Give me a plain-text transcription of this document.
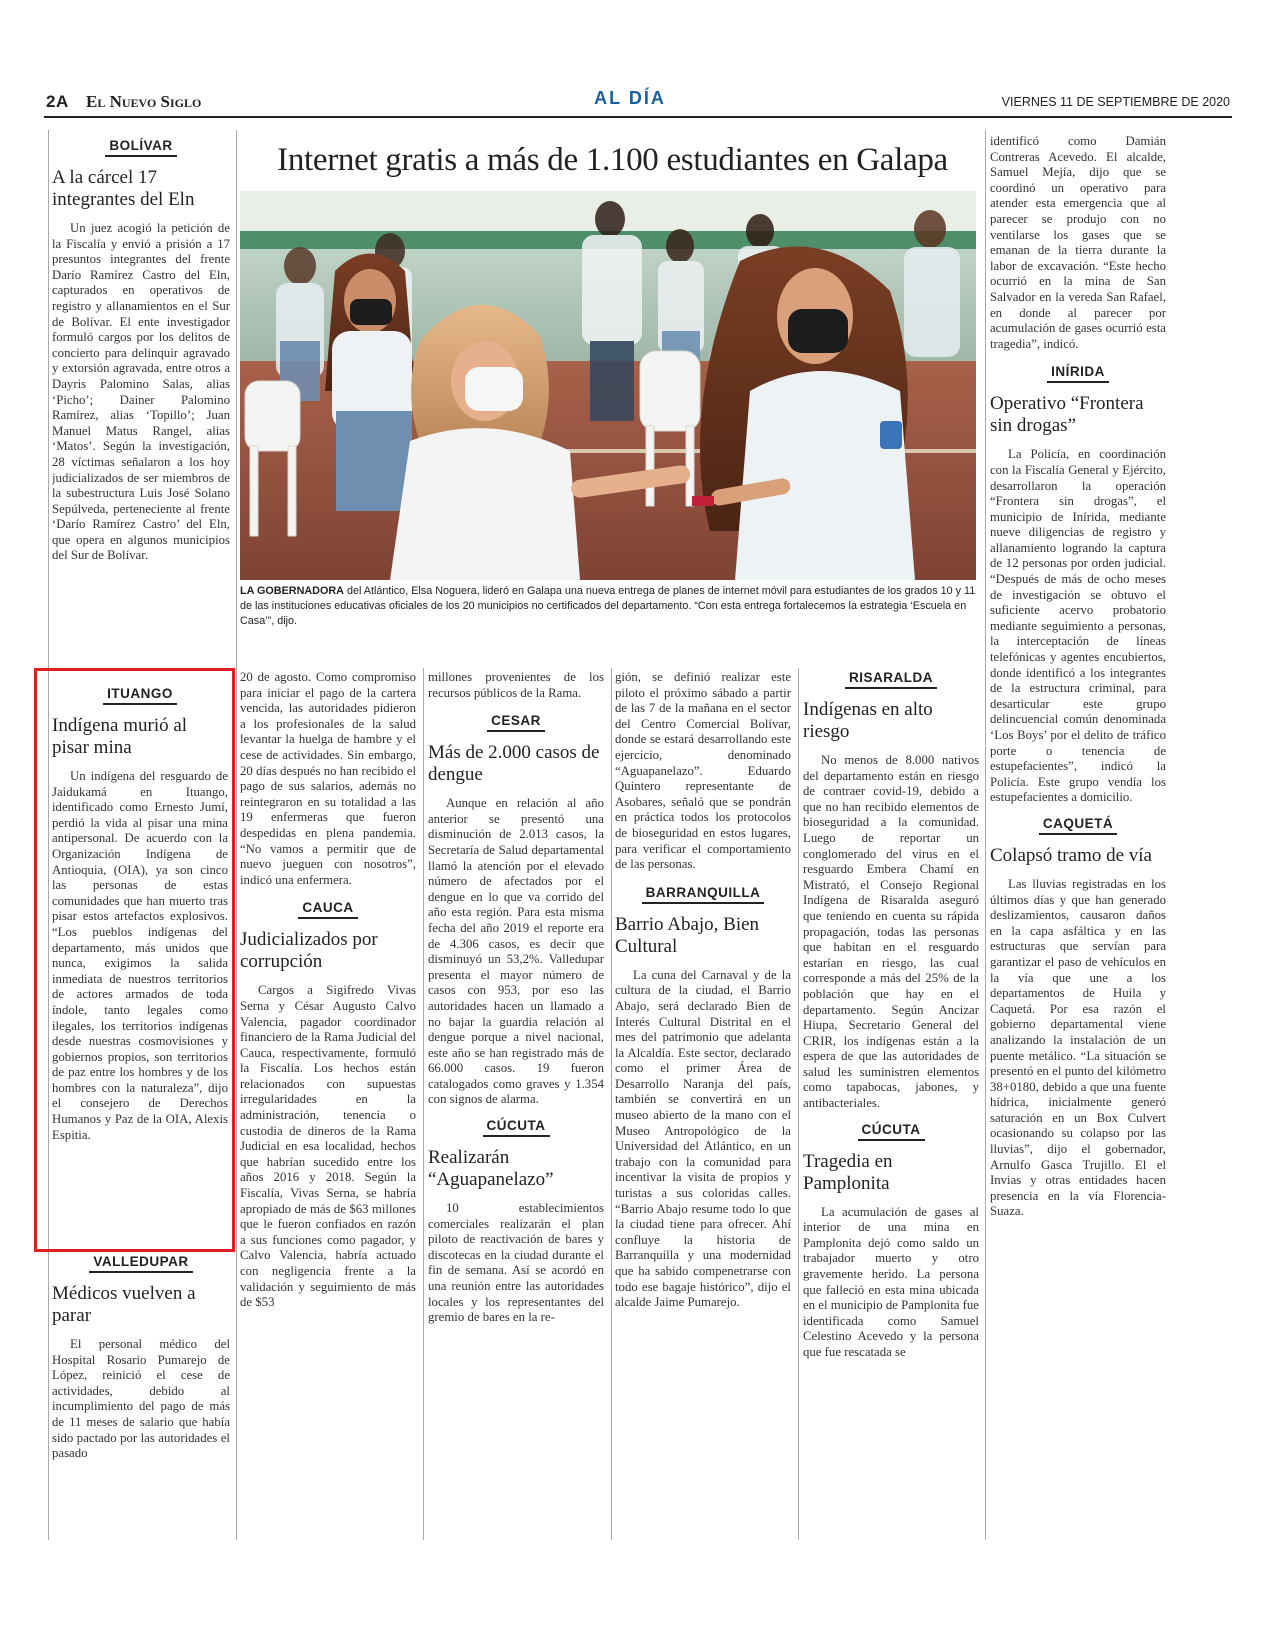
2A El Nuevo Siglo	AL DÍA	VIERNES 11 DE SEPTIEMBRE DE 2020
Internet gratis a más de 1.100 estudiantes en Galapa
LA GOBERNADORA del Atlántico, Elsa Noguera, lideró en Galapa una nueva entrega de planes de internet móvil para estudiantes de los grados 10 y 11 de las instituciones educativas oficiales de los 20 municipios no certificados del departamento. “Con esta entrega fortalecemos la estrategia ‘Escuela en Casa’”, dijo.
BOLÍVAR
A la cárcel 17 integrantes del Eln

Un juez acogió la petición de la Fiscalía y envió a prisión a 17 presuntos integrantes del frente Darío Ramírez Castro del Eln, capturados en operativos de registro y allanamientos en el Sur de Bolívar. El ente investigador formuló cargos por los delitos de concierto para delinquir agravado y extorsión agravada, entre otros a Dayris Palomino Salas, alias ‘Picho’; Dainer Palomino Ramírez, alias ‘Topillo’; Juan Manuel Matus Rangel, alias ‘Matos’. Según la investigación, 28 víctimas señalaron a los hoy judicializados de ser miembros de la subestructura Luis José Solano Sepúlveda, perteneciente al frente ‘Darío Ramírez Castro’ del Eln, que opera en algunos municipios del Sur de Bolívar.

ITUANGO
Indígena murió al pisar mina

Un indígena del resguardo de Jaidukamá en Ituango, identificado como Ernesto Jumí, perdió la vida al pisar una mina antipersonal. De acuerdo con la Organización Indígena de Antioquia, (OIA), ya son cinco las personas de estas comunidades que han muerto tras pisar estos artefactos explosivos. “Los pueblos indígenas del departamento, más unidos que nunca, exigimos la salida inmediata de nuestros territorios de actores armados de toda índole, tanto legales como ilegales, los territorios indígenas desde nuestras cosmovisiones y gobiernos propios, son territorios de paz entre los hombres y de los hombres con la naturaleza”, dijo el consejero de Derechos Humanos y Paz de la OIA, Alexis Espitia.

VALLEDUPAR
Médicos vuelven a parar

El personal médico del Hospital Rosario Pumarejo de López, reinició el cese de actividades, debido al incumplimiento del pago de más de 11 meses de salario que había sido pactado por las autoridades el pasado

20 de agosto. Como compromiso para iniciar el pago de la cartera vencida, las autoridades pidieron a los profesionales de la salud levantar la huelga de hambre y el cese de actividades. Sin embargo, 20 días después no han recibido el pago de sus salarios, además no reintegraron en su totalidad a las 19 enfermeras que fueron despedidas en plena pandemia. “No vamos a permitir que de nuevo jueguen con nosotros”, indicó una enfermera.

CAUCA
Judicializados por corrupción

Cargos a Sigifredo Vivas Serna y César Augusto Calvo Valencia, pagador coordinador financiero de la Rama Judicial del Cauca, respectivamente, formuló la Fiscalía. Los hechos están relacionados con supuestas irregularidades en la administración, tenencia o custodia de dineros de la Rama Judicial en esa localidad, hechos que habrían sucedido entre los años 2016 y 2018. Según la Fiscalía, Vivas Serna, se habría apropiado de más de $63 millones que le fueron confiados en razón a sus funciones como pagador, y Calvo Valencia, habría actuado con negligencia frente a la validación y seguimiento de más de $53

millones provenientes de los recursos públicos de la Rama.

CESAR
Más de 2.000 casos de dengue

Aunque en relación al año anterior se presentó una disminución de 2.013 casos, la Secretaría de Salud departamental llamó la atención por el elevado número de afectados por el dengue en lo que va corrido del año esta región. Para esta misma fecha del año 2019 el reporte era de 4.306 casos, es decir que disminuyó un 53,2%. Valledupar presenta el mayor número de casos con 953, por eso las autoridades hacen un llamado a no bajar la guardia relación al dengue porque a nivel nacional, este año se han registrado más de 66.000 casos. 19 fueron catalogados como graves y 1.354 con signos de alarma.

CÚCUTA
Realizarán “Aguapanelazo”

10 establecimientos comerciales realizarán el plan piloto de reactivación de bares y discotecas en la ciudad durante el fin de semana. Así se acordó en una reunión entre las autoridades locales y los representantes del gremio de bares en la re-

gión, se definió realizar este piloto el próximo sábado a partir de las 7 de la mañana en el sector del Centro Comercial Bolívar, donde se estará desarrollando este ejercicio, denominado “Aguapanelazo”. Eduardo Quintero representante de Asobares, señaló que se pondrán en práctica todos los protocolos de bioseguridad en estos lugares, para verificar el comportamiento de las personas.

BARRANQUILLA
Barrio Abajo, Bien Cultural

La cuna del Carnaval y de la cultura de la ciudad, el Barrio Abajo, será declarado Bien de Interés Cultural Distrital en el mes del patrimonio que adelanta la Alcaldía. Este sector, declarado como el primer Área de Desarrollo Naranja del país, también se convertirá en un museo abierto de la mano con el Museo Antropológico de la Universidad del Atlántico, en un trabajo con la comunidad para incentivar la visita de propios y turistas a sus coloridas calles. “Barrio Abajo resume todo lo que la ciudad tiene para ofrecer. Ahí confluye la historia de Barranquilla y una modernidad que ha sabido compenetrarse con todo ese bagaje histórico”, dijo el alcalde Jaime Pumarejo.

RISARALDA
Indígenas en alto riesgo

No menos de 8.000 nativos del departamento están en riesgo de contraer covid-19, debido a que no han recibido elementos de bioseguridad a la comunidad. Luego de reportar un conglomerado del virus en el resguardo Embera Chamí en Mistrató, el Consejo Regional Indígena de Risaralda aseguró que teniendo en cuenta su rápida propagación, todas las personas que habitan en el resguardo estarían en riesgo, las cual corresponde a más del 25% de la población que hay en el departamento. Según Ancizar Hiupa, Secretario General del CRIR, los indígenas están a la espera de que las autoridades de salud les suministren elementos como tapabocas, jabones, y antibacteriales.

CÚCUTA
Tragedia en Pamplonita

La acumulación de gases al interior de una mina en Pamplonita dejó como saldo un trabajador muerto y otro gravemente herido. La persona que falleció en esta mina ubicada en el municipio de Pamplonita fue identificada como Samuel Celestino Acevedo y la persona que fue rescatada se

identificó como Damián Contreras Acevedo. El alcalde, Samuel Mejía, dijo que se coordinó un operativo para atender esta emergencia que al parecer se produjo con no ventilarse los gases que se emanan de la tierra durante la labor de excavación. “Este hecho ocurrió en la mina de San Salvador en la vereda San Rafael, en donde al parecer por acumulación de gases ocurrió esta tragedia”, indicó.

INÍRIDA
Operativo “Frontera sin drogas”

La Policía, en coordinación con la Fiscalía General y Ejército, desarrollaron la operación “Frontera sin drogas”, el municipio de Inírida, mediante nueve diligencias de registro y allanamiento logrando la captura de 12 personas por orden judicial. “Después de más de ocho meses de investigación se obtuvo el suficiente acervo probatorio mediante seguimiento a personas, la interceptación de líneas telefónicas y agentes encubiertos, donde identificó a los integrantes de la estructura criminal, para desarticular este grupo delincuencial común denominada ‘Los Boys’ por el delito de tráfico porte o tenencia de estupefacientes”, indicó la Policía. Este grupo vendía los estupefacientes a domicilio.

CAQUETÁ
Colapsó tramo de vía

Las lluvias registradas en los últimos días y que han generado deslizamientos, causaron daños en la capa asfáltica y en las estructuras que servían para garantizar el paso de vehículos en la vía que une a los departamentos de Huila y Caquetá. Por esa razón el gobierno departamental viene analizando la instalación de un puente metálico. “La situación se presentó en el punto del kilómetro 38+0180, debido a que una fuente hídrica, inicialmente generó saturación en un Box Culvert ocasionando su colapso por las lluvias”, dijo el gobernador, Arnulfo Gasca Trujillo. El el Invias y otras entidades hacen presencia en la vía Florencia-Suaza.
